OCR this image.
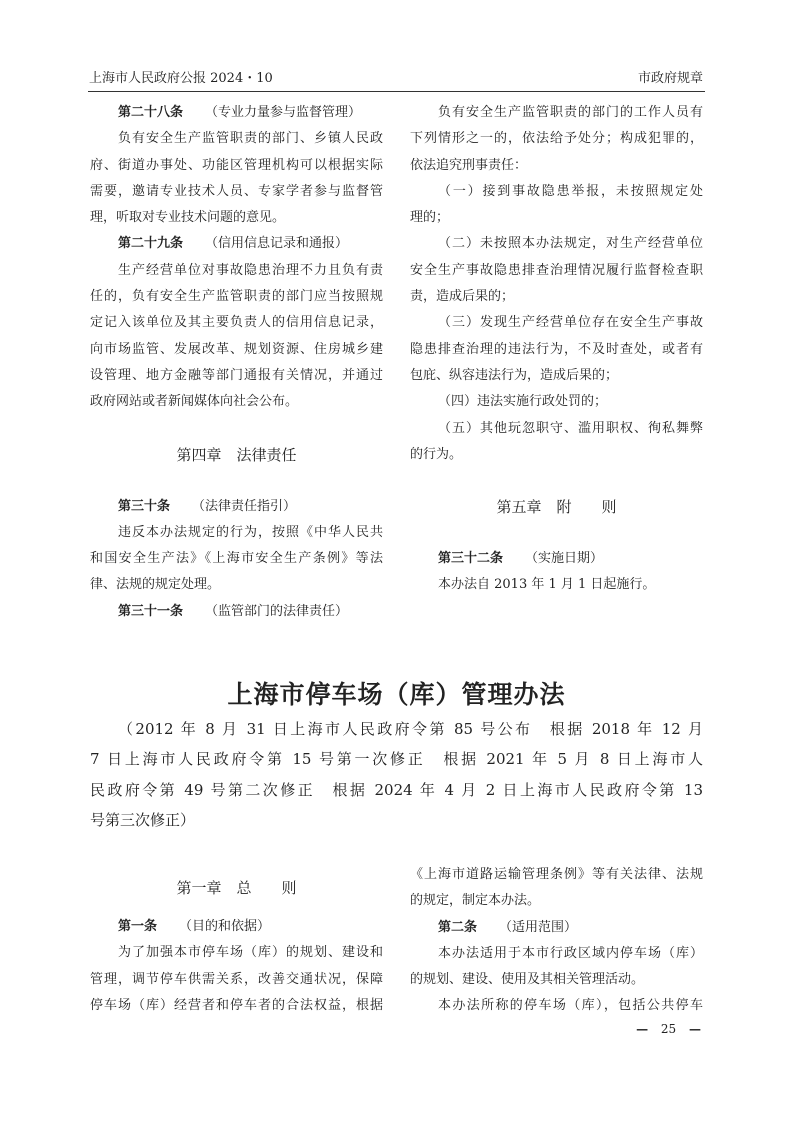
上海市人民政府公报 2024・10	市政府规章
第二十八条 （专业力量参与监督管理）
负有安全生产监管职责的部门、乡镇人民政
府、街道办事处、功能区管理机构可以根据实际
需要，邀请专业技术人员、专家学者参与监督管
理，听取对专业技术问题的意见。
第二十九条 （信用信息记录和通报）
生产经营单位对事故隐患治理不力且负有责
任的，负有安全生产监管职责的部门应当按照规
定记入该单位及其主要负责人的信用信息记录，
向市场监管、发展改革、规划资源、住房城乡建
设管理、地方金融等部门通报有关情况，并通过
政府网站或者新闻媒体向社会公布。
第四章　法律责任
第三十条 （法律责任指引）
违反本办法规定的行为，按照《中华人民共
和国安全生产法》《上海市安全生产条例》等法
律、法规的规定处理。
第三十一条 （监管部门的法律责任）
负有安全生产监管职责的部门的工作人员有
下列情形之一的，依法给予处分；构成犯罪的，
依法追究刑事责任：
（一）接到事故隐患举报，未按照规定处
理的；
（二）未按照本办法规定，对生产经营单位
安全生产事故隐患排查治理情况履行监督检查职
责，造成后果的；
（三）发现生产经营单位存在安全生产事故
隐患排查治理的违法行为，不及时查处，或者有
包庇、纵容违法行为，造成后果的；
（四）违法实施行政处罚的；
（五）其他玩忽职守、滥用职权、徇私舞弊
的行为。
第五章　附　　则
第三十二条 （实施日期）
本办法自 2013 年 1 月 1 日起施行。
上海市停车场（库）管理办法
（2012 年 8 月 31 日上海市人民政府令第 85 号公布　根据 2018 年 12 月
7 日上海市人民政府令第 15 号第一次修正　根据 2021 年 5 月 8 日上海市人
民政府令第 49 号第二次修正　根据 2024 年 4 月 2 日上海市人民政府令第 13
号第三次修正）
第一章　总　　则
第一条 （目的和依据）
为了加强本市停车场（库）的规划、建设和
管理，调节停车供需关系，改善交通状况，保障
停车场（库）经营者和停车者的合法权益，根据
《上海市道路运输管理条例》等有关法律、法规
的规定，制定本办法。
第二条 （适用范围）
本办法适用于本市行政区域内停车场（库）
的规划、建设、使用及其相关管理活动。
本办法所称的停车场（库），包括公共停车
— 25 —
